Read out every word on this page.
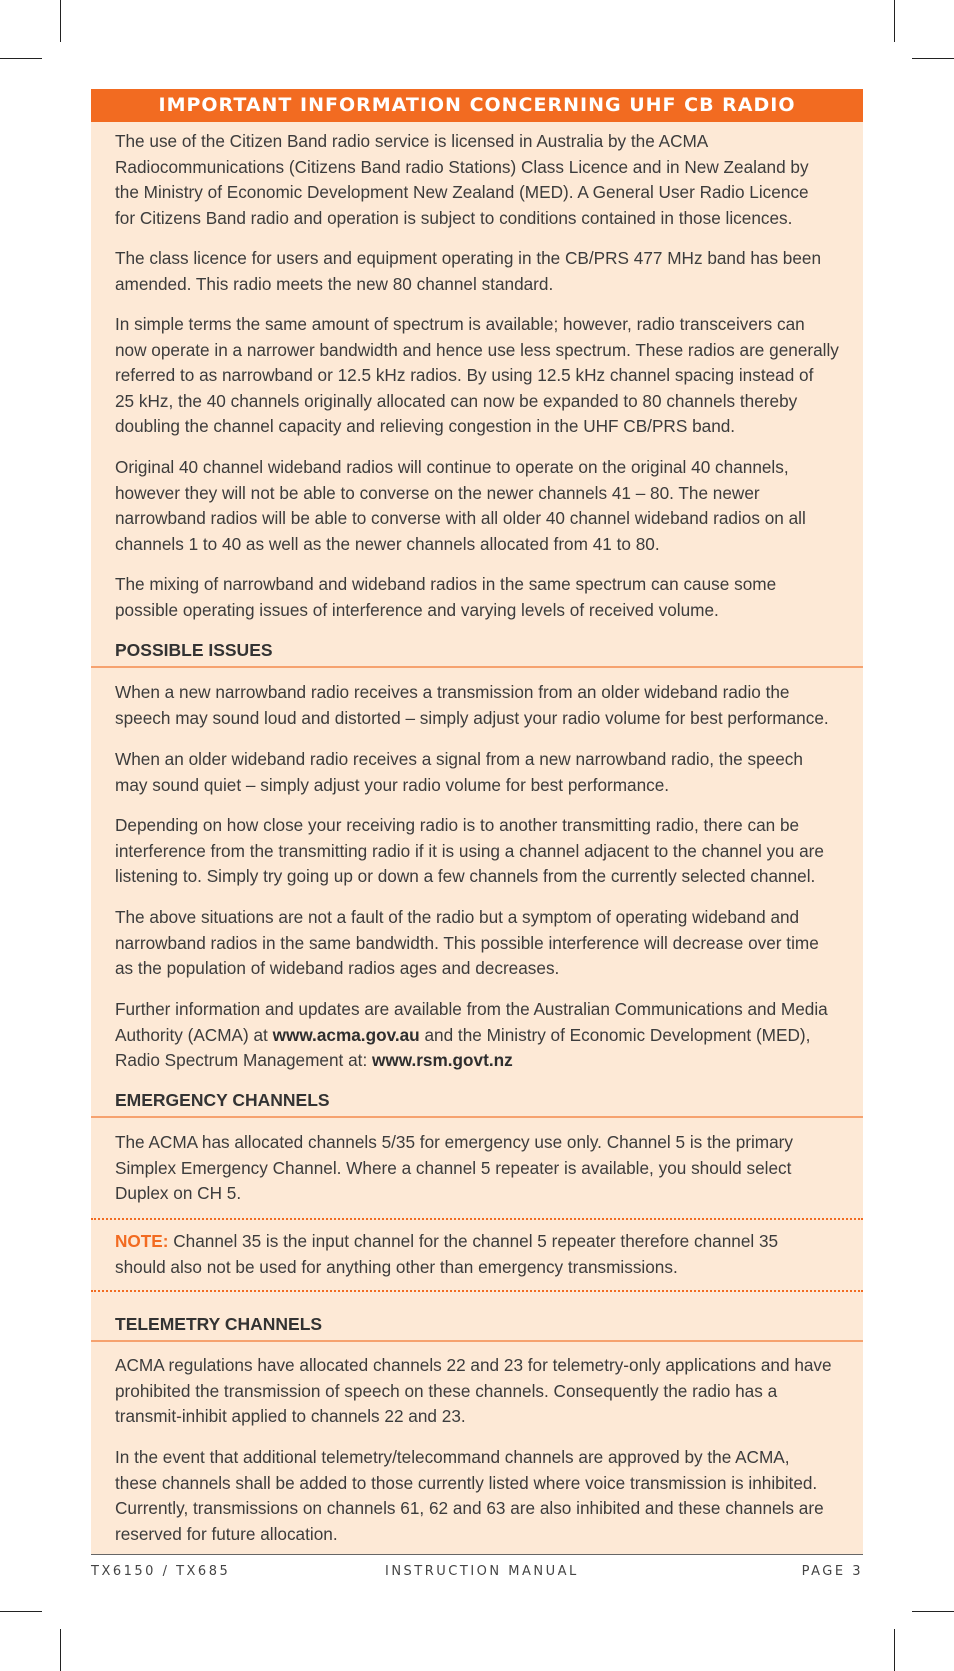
IMPORTANT INFORMATION CONCERNING UHF CB RADIO

The use of the Citizen Band radio service is licensed in Australia by the ACMA
Radiocommunications (Citizens Band radio Stations) Class Licence and in New Zealand by
the Ministry of Economic Development New Zealand (MED). A General User Radio Licence
for Citizens Band radio and operation is subject to conditions contained in those licences.

The class licence for users and equipment operating in the CB/PRS 477 MHz band has been
amended. This radio meets the new 80 channel standard.

In simple terms the same amount of spectrum is available; however, radio transceivers can
now operate in a narrower bandwidth and hence use less spectrum. These radios are generally
referred to as narrowband or 12.5 kHz radios. By using 12.5 kHz channel spacing instead of
25 kHz, the 40 channels originally allocated can now be expanded to 80 channels thereby
doubling the channel capacity and relieving congestion in the UHF CB/PRS band.

Original 40 channel wideband radios will continue to operate on the original 40 channels,
however they will not be able to converse on the newer channels 41 – 80. The newer
narrowband radios will be able to converse with all older 40 channel wideband radios on all
channels 1 to 40 as well as the newer channels allocated from 41 to 80.

The mixing of narrowband and wideband radios in the same spectrum can cause some
possible operating issues of interference and varying levels of received volume.

POSSIBLE ISSUES

When a new narrowband radio receives a transmission from an older wideband radio the
speech may sound loud and distorted – simply adjust your radio volume for best performance.

When an older wideband radio receives a signal from a new narrowband radio, the speech
may sound quiet – simply adjust your radio volume for best performance.

Depending on how close your receiving radio is to another transmitting radio, there can be
interference from the transmitting radio if it is using a channel adjacent to the channel you are
listening to. Simply try going up or down a few channels from the currently selected channel.

The above situations are not a fault of the radio but a symptom of operating wideband and
narrowband radios in the same bandwidth. This possible interference will decrease over time
as the population of wideband radios ages and decreases.

Further information and updates are available from the Australian Communications and Media
Authority (ACMA) at www.acma.gov.au and the Ministry of Economic Development (MED),
Radio Spectrum Management at: www.rsm.govt.nz

EMERGENCY CHANNELS

The ACMA has allocated channels 5/35 for emergency use only. Channel 5 is the primary
Simplex Emergency Channel. Where a channel 5 repeater is available, you should select
Duplex on CH 5.

NOTE: Channel 35 is the input channel for the channel 5 repeater therefore channel 35
should also not be used for anything other than emergency transmissions.

TELEMETRY CHANNELS

ACMA regulations have allocated channels 22 and 23 for telemetry-only applications and have
prohibited the transmission of speech on these channels. Consequently the radio has a
transmit-inhibit applied to channels 22 and 23.

In the event that additional telemetry/telecommand channels are approved by the ACMA,
these channels shall be added to those currently listed where voice transmission is inhibited.
Currently, transmissions on channels 61, 62 and 63 are also inhibited and these channels are
reserved for future allocation.

TX6150 / TX685	INSTRUCTION MANUAL	PAGE 3
